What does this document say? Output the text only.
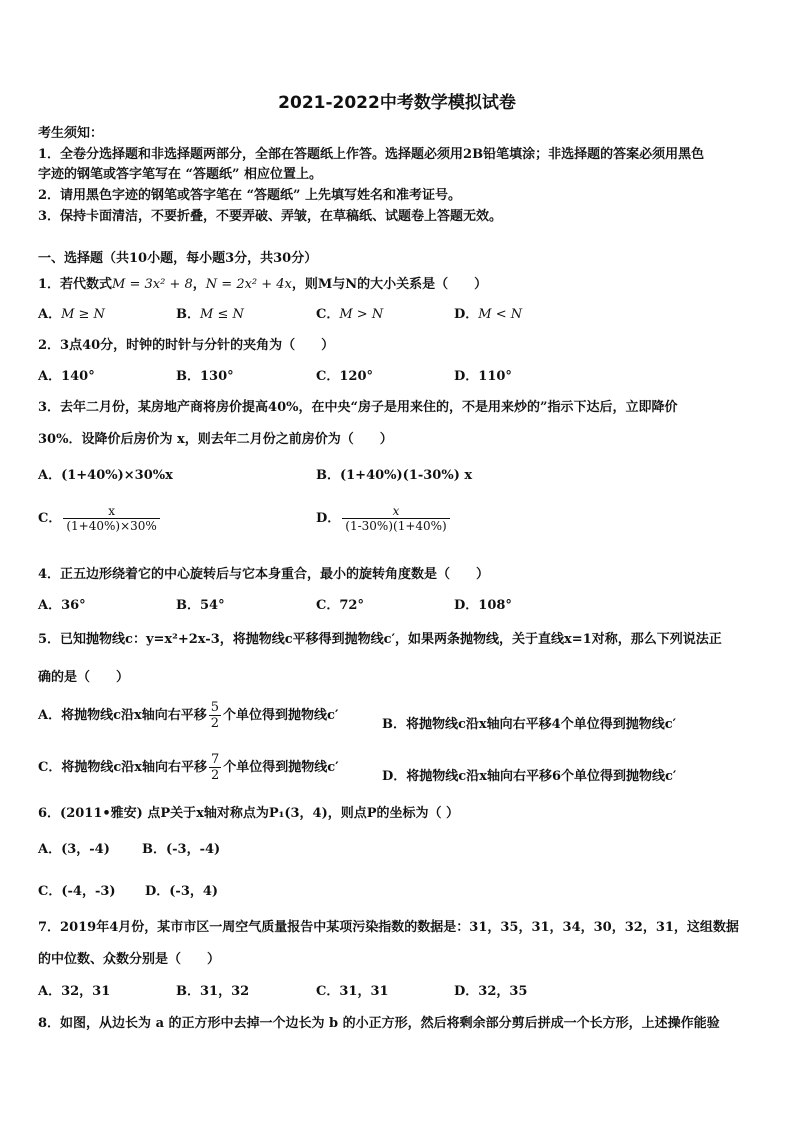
2021-2022中考数学模拟试卷
考生须知：
1．全卷分选择题和非选择题两部分，全部在答题纸上作答。选择题必须用2B铅笔填涂；非选择题的答案必须用黑色
字迹的钢笔或答字笔写在 “答题纸” 相应位置上。
2．请用黑色字迹的钢笔或答字笔在 “答题纸” 上先填写姓名和准考证号。
3．保持卡面清洁，不要折叠，不要弄破、弄皱，在草稿纸、试题卷上答题无效。
一、选择题（共10小题，每小题3分，共30分）
1．若代数式M = 3x² + 8，N = 2x² + 4x，则M与N的大小关系是（　　）
A．M ≥ N	B．M ≤ N	C．M > N	D．M < N
2．3点40分，时钟的时针与分针的夹角为（　　）
A．140°	B．130°	C．120°	D．110°
3．去年二月份，某房地产商将房价提高40%，在中央“房子是用来住的，不是用来炒的”指示下达后，立即降价
30%．设降价后房价为 x，则去年二月份之前房价为（　　）
A．(1+40%)×30%x	B．(1+40%)(1-30%) x
C． $\frac{x}{(1+40\%)\times 30\%}$	D． $\frac{x}{(1-30\%)(1+40\%)}$
4．正五边形绕着它的中心旋转后与它本身重合，最小的旋转角度数是（　　）
A．36°	B．54°	C．72°	D．108°
5．已知抛物线c：y=x²+2x-3，将抛物线c平移得到抛物线c′，如果两条抛物线，关于直线x=1对称，那么下列说法正
确的是（　　）
A．将抛物线c沿x轴向右平移 $\frac{5}{2}$ 个单位得到抛物线c′
B．将抛物线c沿x轴向右平移4个单位得到抛物线c′
C．将抛物线c沿x轴向右平移 $\frac{7}{2}$ 个单位得到抛物线c′
D．将抛物线c沿x轴向右平移6个单位得到抛物线c′
6．(2011•雅安) 点P关于x轴对称点为P₁(3，4)，则点P的坐标为（ ）
A．(3，-4) B．(-3，-4)
C．(-4，-3) D．(-3，4)
7．2019年4月份，某市市区一周空气质量报告中某项污染指数的数据是：31，35，31，34，30，32，31，这组数据
的中位数、众数分别是（　　）
A．32，31	B．31，32	C．31，31	D．32，35
8．如图，从边长为 a 的正方形中去掉一个边长为 b 的小正方形，然后将剩余部分剪后拼成一个长方形，上述操作能验
